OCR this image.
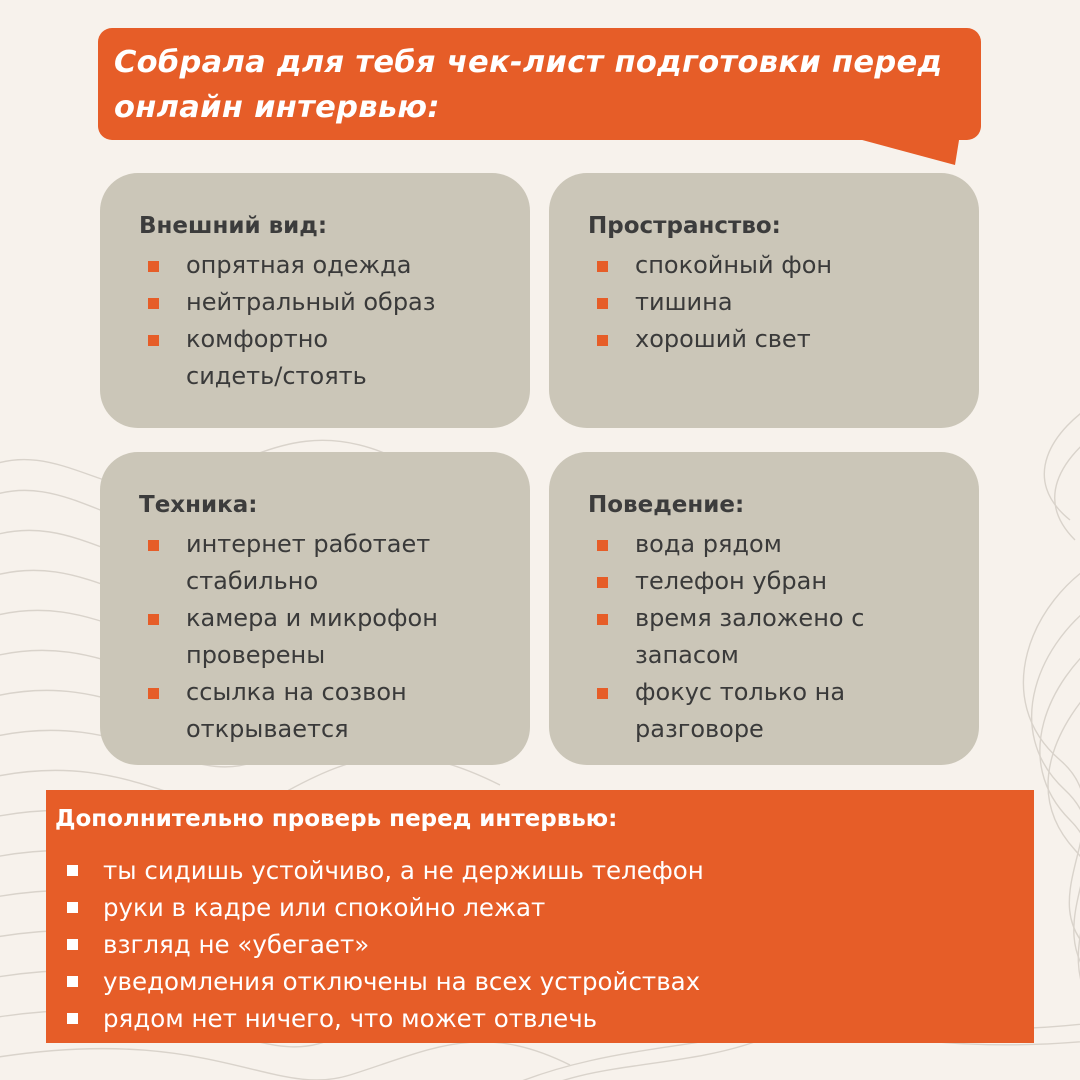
Собрала для тебя чек-лист подготовки перед
онлайн интервью:
Внешний вид:
опрятная одежда
нейтральный образ
комфортно
сидеть/стоять
Пространство:
спокойный фон
тишина
хороший свет
Техника:
интернет работает
стабильно
камера и микрофон
проверены
ссылка на созвон
открывается
Поведение:
вода рядом
телефон убран
время заложено с
запасом
фокус только на
разговоре
Дополнительно проверь перед интервью:
ты сидишь устойчиво, а не держишь телефон
руки в кадре или спокойно лежат
взгляд не «убегает»
уведомления отключены на всех устройствах
рядом нет ничего, что может отвлечь
